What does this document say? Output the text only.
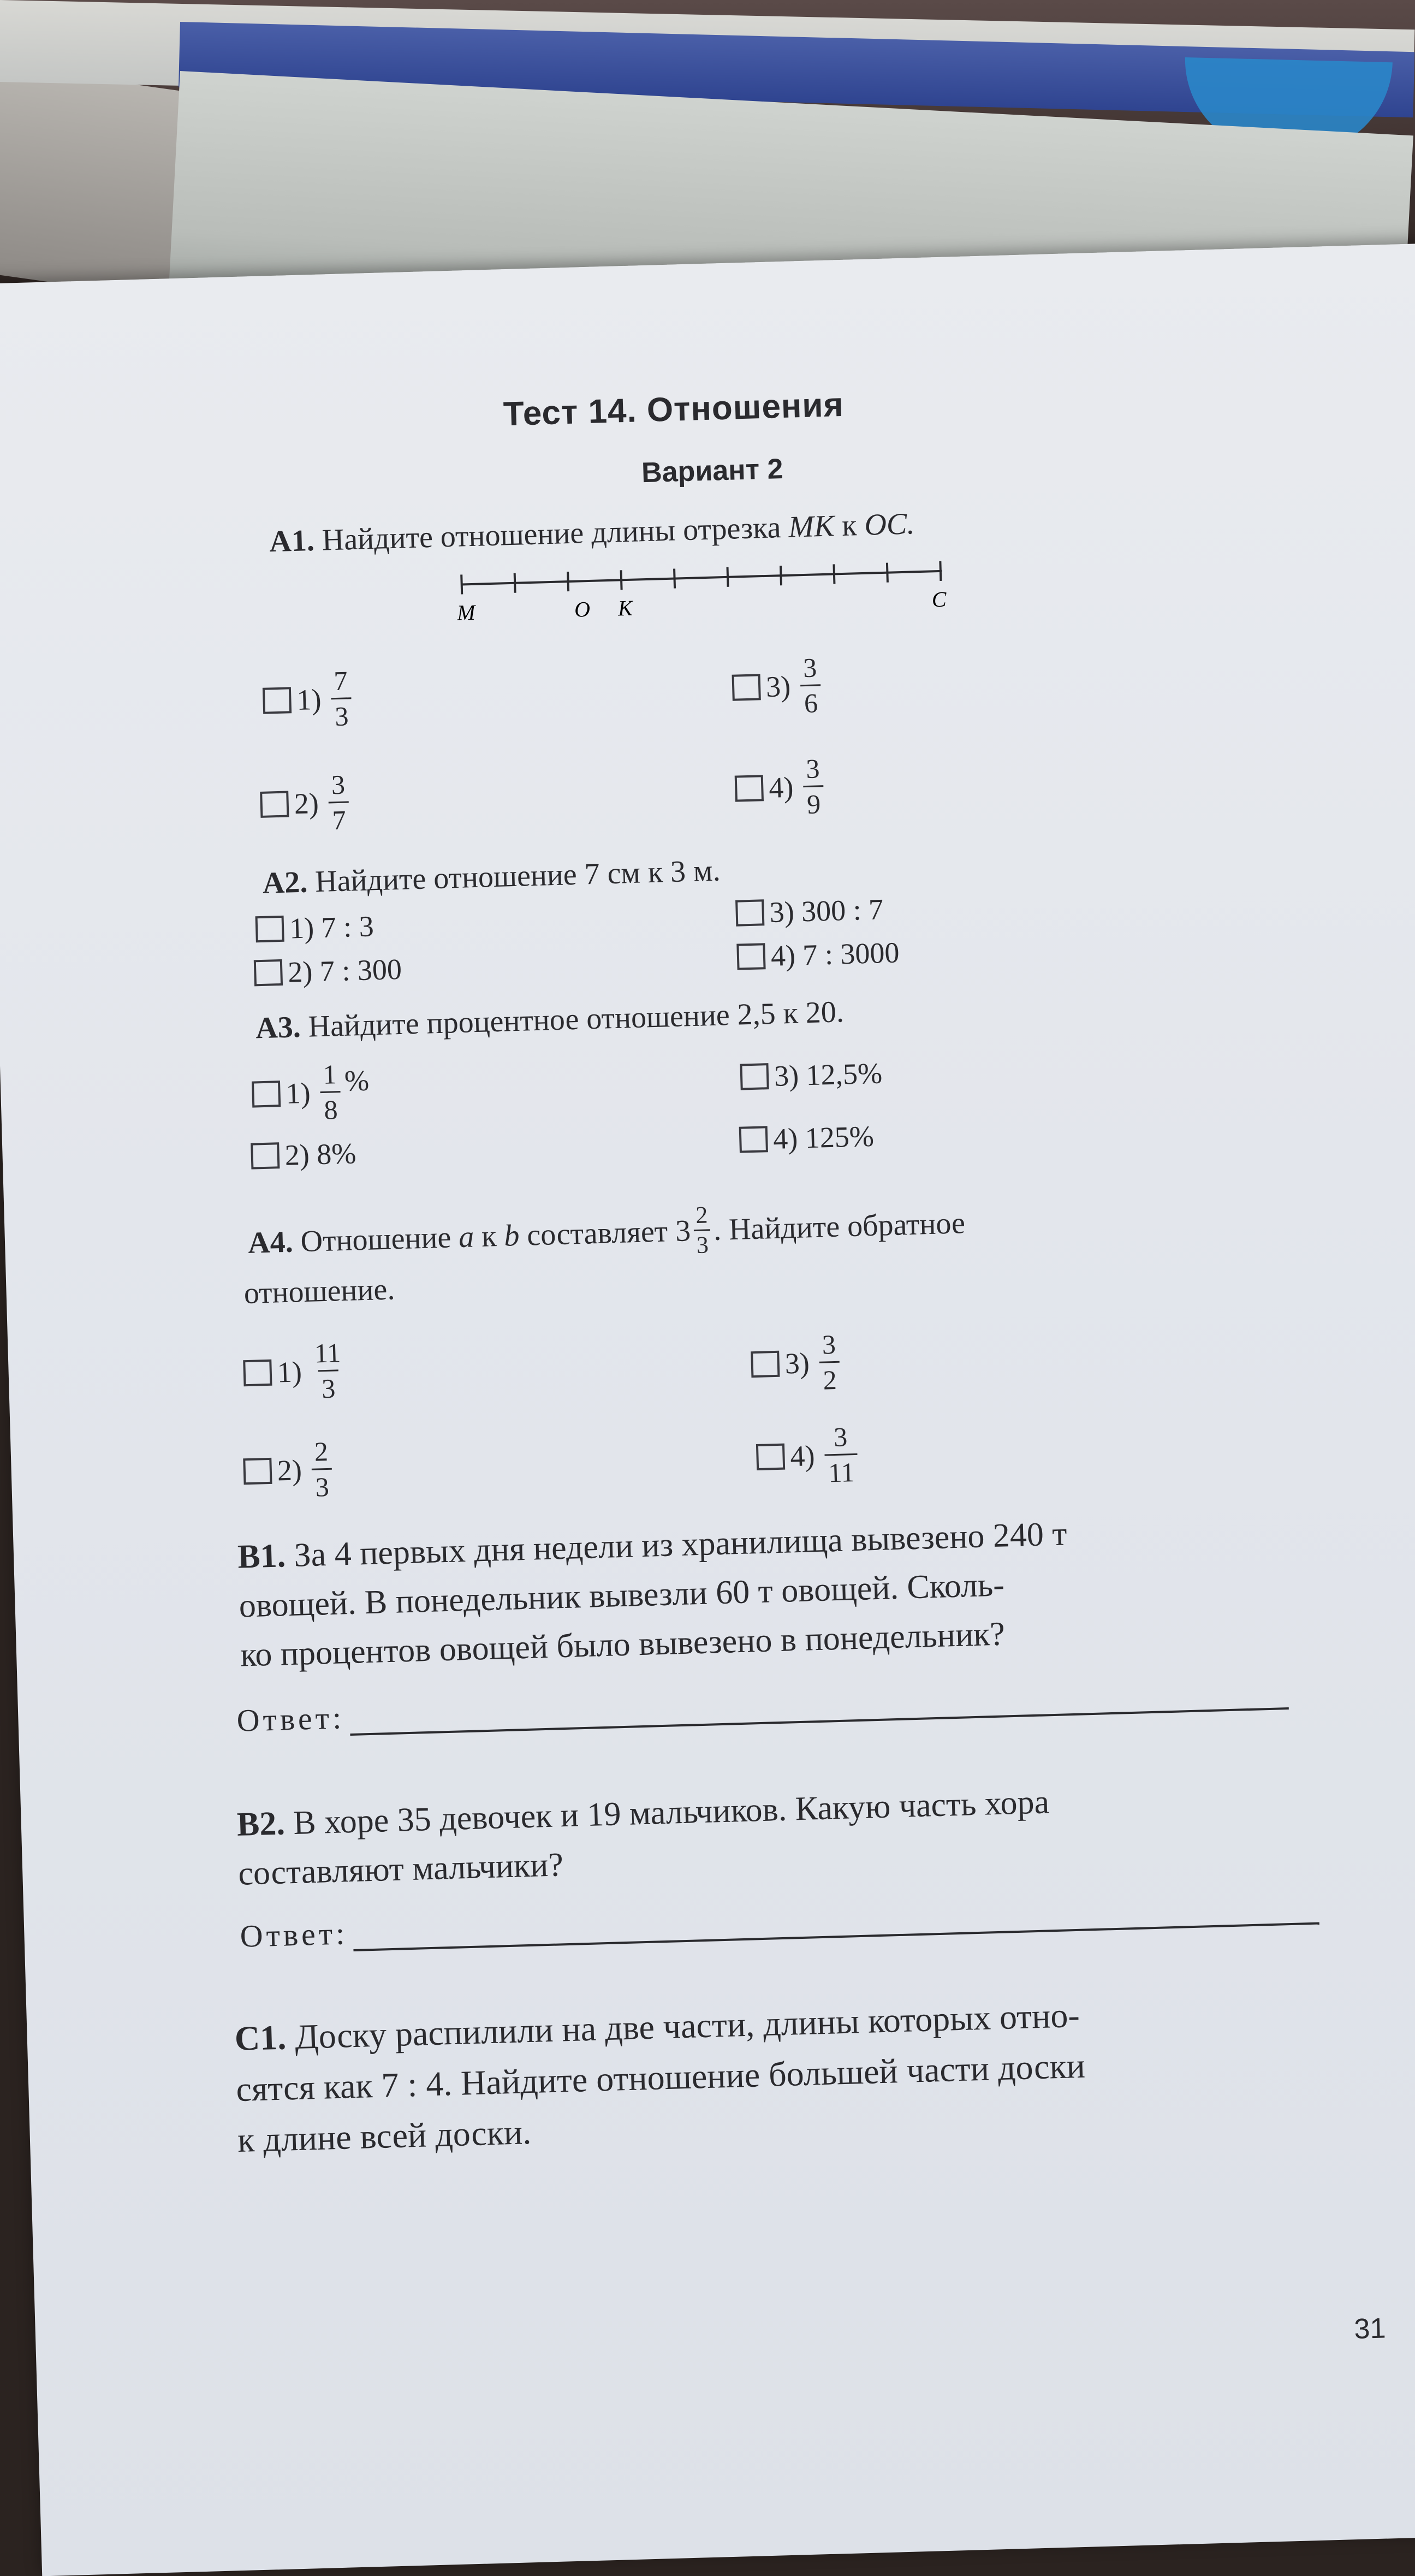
Тест 14. Отношения
Вариант 2
А1. Найдите отношение длины отрезка MK к OC.
M	O K	C
$1) \frac{7}{3}$
$2) \frac{3}{7}$
$3) \frac{3}{6}$
$4) \frac{3}{9}$
А2. Найдите отношение 7 см к 3 м.
1) 7 : 3
2) 7 : 300
3) 300 : 7
4) 7 : 3000
А3. Найдите процентное отношение 2,5 к 20.
$1) \frac{1}{8}$ %
2) 8%
3) 12,5%
4) 125%
А4. Отношение a к b составляет $3 \frac{2}{3}$ . Найдите обратное
отношение.
$1) \frac{11}{3}$
$2) \frac{2}{3}$
$3) \frac{3}{2}$
$4) \frac{3}{11}$
В1. За 4 первых дня недели из хранилища вывезено 240 т
овощей. В понедельник вывезли 60 т овощей. Сколь-
ко процентов овощей было вывезено в понедельник?
Ответ:
В2. В хоре 35 девочек и 19 мальчиков. Какую часть хора
составляют мальчики?
Ответ:
С1. Доску распилили на две части, длины которых отно-
сятся как 7 : 4. Найдите отношение большей части доски
к длине всей доски.
31
